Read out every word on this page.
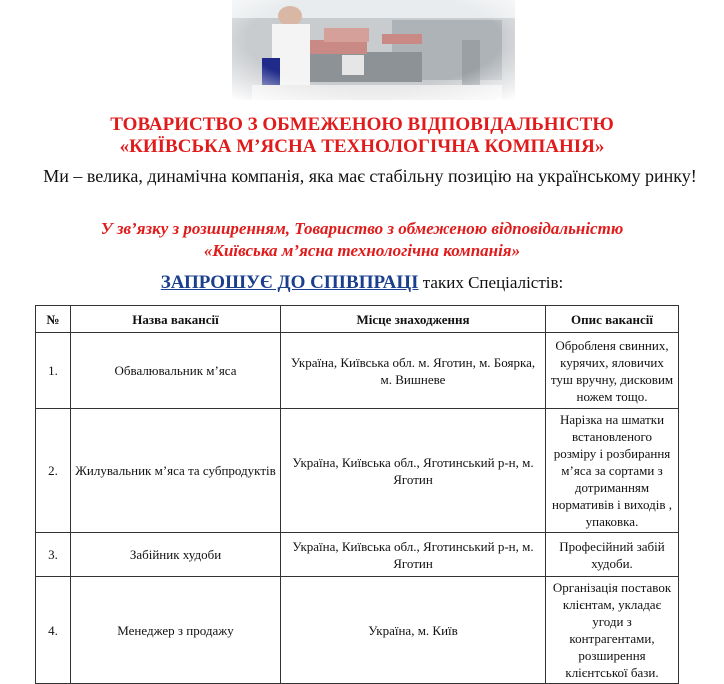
ТОВАРИСТВО З ОБМЕЖЕНОЮ ВІДПОВІДАЛЬНІСТЮ
«КИЇВСЬКА М’ЯСНА ТЕХНОЛОГІЧНА КОМПАНІЯ»

Ми – велика, динамічна компанія, яка має стабільну позицію на українському ринку!

У зв’язку з розширенням, Товариство з обмеженою відповідальністю
«Київська м’ясна технологічна компанія»

ЗАПРОШУЄ ДО СПІВПРАЦІ таких Спеціалістів:

№	Назва вакансії	Місце знаходження	Опис вакансії
1.	Обвалювальник м’яса	Україна, Київська обл. м. Яготин, м. Боярка, м. Вишневе	Обробленя свинних, курячих, яловичих туш вручну, дисковим ножем тощо.
2.	Жилувальник м’яса та субпродуктів	Україна, Київська обл., Яготинський р-н, м. Яготин	Нарізка на шматки встановленого розміру і розбирання м’яса за сортами з дотриманням нормативів і виходів , упаковка.
3.	Забійник худоби	Україна, Київська обл., Яготинський р-н, м. Яготин	Професійний забій худоби.
4.	Менеджер з продажу	Україна, м. Київ	Організація поставок клієнтам, укладає угоди з контрагентами, розширення клієнтської бази.
